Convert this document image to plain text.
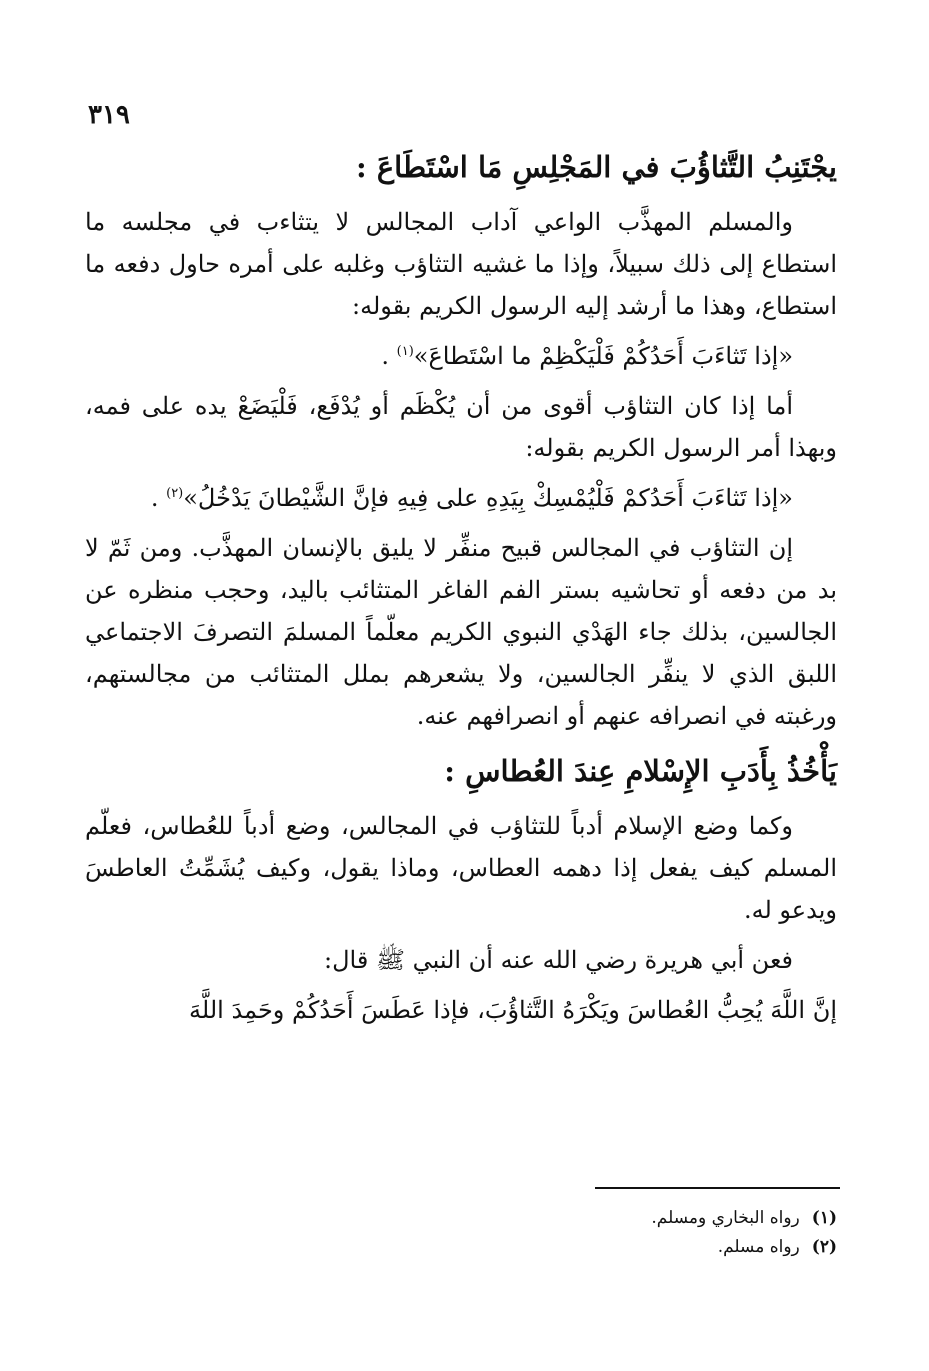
٣١٩
يجْتَنِبُ التَّثاؤُبَ في المَجْلِسِ مَا اسْتَطَاعَ :

والمسلم المهذَّب الواعي آداب المجالس لا يتثاءب في مجلسه ما استطاع إلى ذلك سبيلاً، وإذا ما غشيه التثاؤب وغلبه على أمره حاول دفعه ما استطاع، وهذا ما أرشد إليه الرسول الكريم بقوله:

«إذا تَثاءَبَ أَحَدُكُمْ فَلْيَكْظِمْ ما اسْتَطاعَ»$^{(١)}$ .

أما إذا كان التثاؤب أقوى من أن يُكْظَم أو يُدْفَع، فَلْيَضَعْ يده على فمه، وبهذا أمر الرسول الكريم بقوله:

«إذا تَثاءَبَ أَحَدُكمْ فَلْيُمْسِكْ بِيَدِهِ على فِيهِ فإنَّ الشَّيْطانَ يَدْخُلُ»$^{(٢)}$ .

إن التثاؤب في المجالس قبيح منفِّر لا يليق بالإنسان المهذَّب. ومن ثَمّ لا بد من دفعه أو تحاشيه بستر الفم الفاغر المتثائب باليد، وحجب منظره عن الجالسين، بذلك جاء الهَدْي النبوي الكريم معلّماً المسلمَ التصرفَ الاجتماعي اللبق الذي لا ينفِّر الجالسين، ولا يشعرهم بملل المتثائب من مجالستهم، ورغبته في انصرافه عنهم أو انصرافهم عنه.

يَأْخُذُ بِأَدَبِ الإِسْلامِ عِندَ العُطاسِ :

وكما وضع الإسلام أدباً للتثاؤب في المجالس، وضع أدباً للعُطاس، فعلّم المسلم كيف يفعل إذا دهمه العطاس، وماذا يقول، وكيف يُشَمِّتُ العاطسَ ويدعو له.

فعن أبي هريرة رضي الله عنه أن النبي ﷺ قال:

إنَّ اللَّهَ يُحِبُّ العُطاسَ ويَكْرَهُ التَّثاؤُبَ، فإذا عَطَسَ أَحَدُكُمْ وحَمِدَ اللَّهَ

(١)رواه البخاري ومسلم.
(٢)رواه مسلم.
